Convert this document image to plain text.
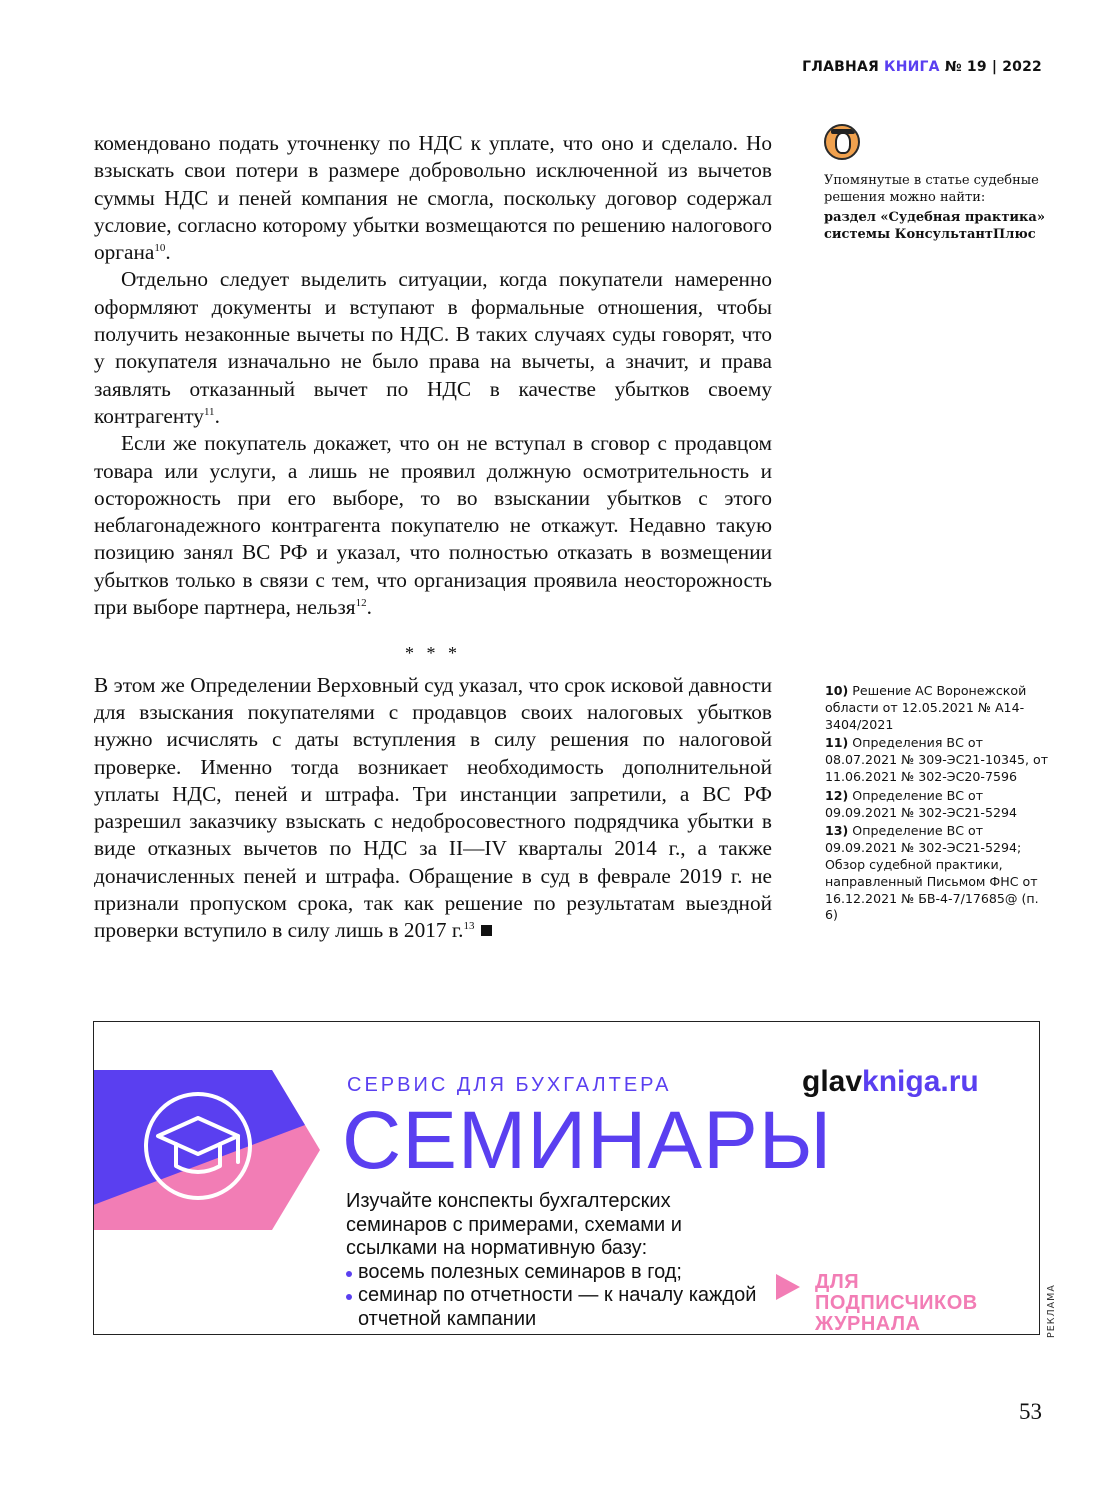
ГЛАВНАЯ КНИГА № 19 | 2022

комендовано подать уточненку по НДС к уплате, что оно и сделало. Но взыскать свои потери в размере добровольно исключенной из вычетов суммы НДС и пеней компания не смогла, поскольку договор содержал условие, согласно которому убытки возмещаются по решению налогового органа$^{10}$.

Отдельно следует выделить ситуации, когда покупатели намеренно оформляют документы и вступают в формальные отношения, чтобы получить незаконные вычеты по НДС. В таких случаях суды говорят, что у покупателя изначально не было права на вычеты, а значит, и права заявлять отказанный вычет по НДС в качестве убытков своему контрагенту$^{11}$.

Если же покупатель докажет, что он не вступал в сговор с продавцом товара или услуги, а лишь не проявил должную осмотрительность и осторожность при его выборе, то во взыскании убытков с этого неблагонадежного контрагента покупателю не откажут. Недавно такую позицию занял ВС РФ и указал, что полностью отказать в возмещении убытков только в связи с тем, что организация проявила неосторожность при выборе партнера, нельзя$^{12}$.

* * *

В этом же Определении Верховный суд указал, что срок исковой давности для взыскания покупателями с продавцов своих налоговых убытков нужно исчислять с даты вступления в силу решения по налоговой проверке. Именно тогда возникает необходимость дополнительной уплаты НДС, пеней и штрафа. Три инстанции запретили, а ВС РФ разрешил заказчику взыскать с недобросовестного подрядчика убытки в виде отказных вычетов по НДС за II—IV кварталы 2014 г., а также доначисленных пеней и штрафа. Обращение в суд в феврале 2019 г. не признали пропуском срока, так как решение по результатам выездной проверки вступило в силу лишь в 2017 г.$^{13}$

Упомянутые в статье судебные решения можно найти:
раздел «Судебная практика» системы КонсультантПлюс
10) Решение АС Воронежской области от 12.05.2021 № А14-3404/2021
11) Определения ВС от 08.07.2021 № 309-ЭС21-10345, от 11.06.2021 № 302-ЭС20-7596
12) Определение ВС от 09.09.2021 № 302-ЭС21-5294
13) Определение ВС от 09.09.2021 № 302-ЭС21-5294; Обзор судебной практики, направленный Письмом ФНС от 16.12.2021 № БВ-4-7/17685@ (п. 6)
СЕРВИС ДЛЯ БУХГАЛТЕРА	glavkniga.ru
СЕМИНАРЫ
Изучайте конспекты бухгалтерских семинаров с примерами, схемами и ссылками на нормативную базу:
восемь полезных семинаров в год;
семинар по отчетности — к началу каждой отчетной кампании
ДЛЯ
ПОДПИСЧИКОВ
ЖУРНАЛА	РЕКЛАМА
53
